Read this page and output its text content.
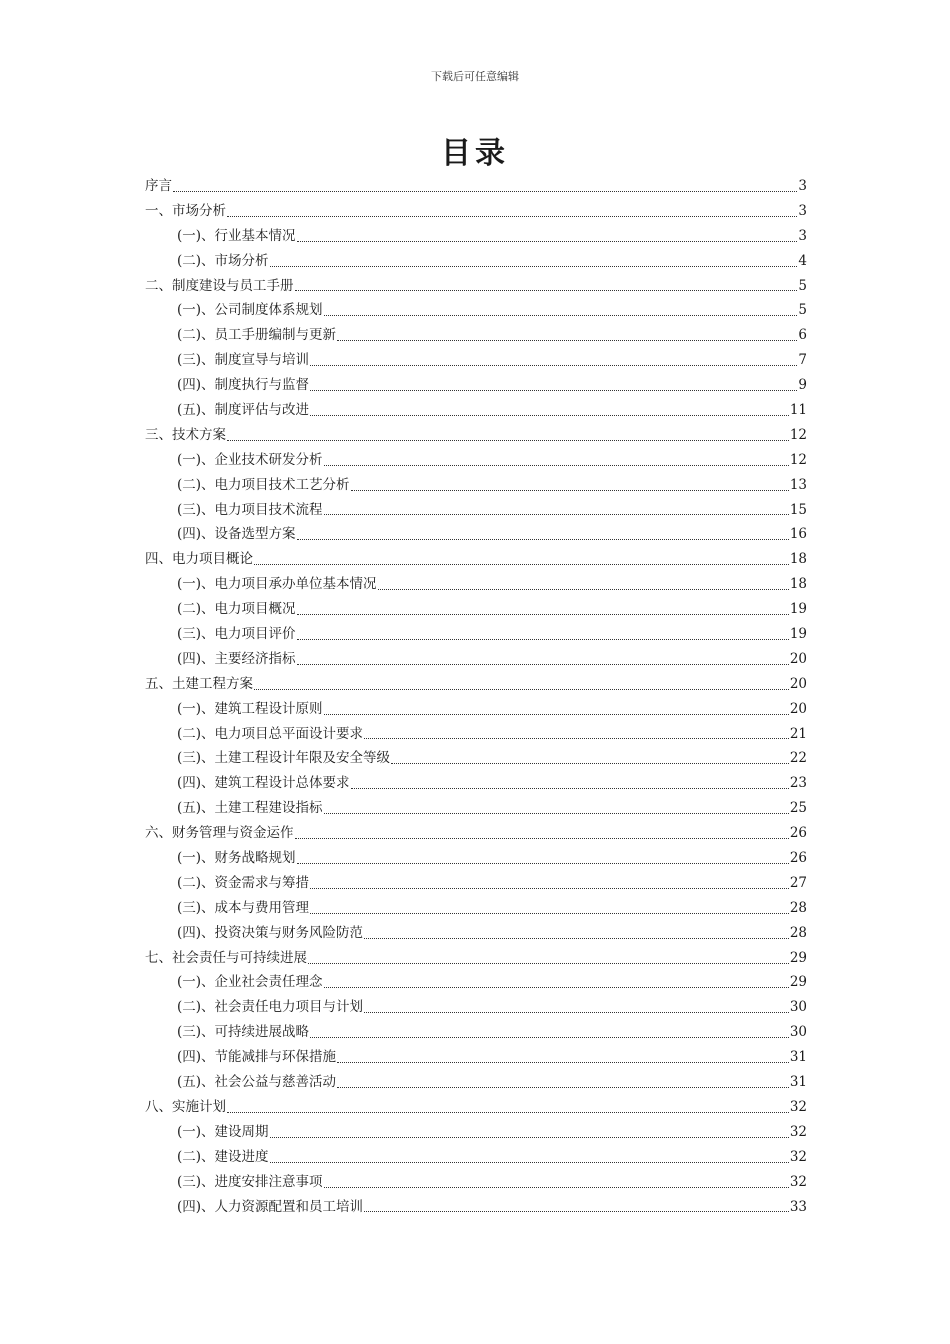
下载后可任意编辑
目录
序言	3
一、市场分析	3
(一)、行业基本情况	3
(二)、市场分析	4
二、制度建设与员工手册	5
(一)、公司制度体系规划	5
(二)、员工手册编制与更新	6
(三)、制度宣导与培训	7
(四)、制度执行与监督	9
(五)、制度评估与改进	11
三、技术方案	12
(一)、企业技术研发分析	12
(二)、电力项目技术工艺分析	13
(三)、电力项目技术流程	15
(四)、设备选型方案	16
四、电力项目概论	18
(一)、电力项目承办单位基本情况	18
(二)、电力项目概况	19
(三)、电力项目评价	19
(四)、主要经济指标	20
五、土建工程方案	20
(一)、建筑工程设计原则	20
(二)、电力项目总平面设计要求	21
(三)、土建工程设计年限及安全等级	22
(四)、建筑工程设计总体要求	23
(五)、土建工程建设指标	25
六、财务管理与资金运作	26
(一)、财务战略规划	26
(二)、资金需求与筹措	27
(三)、成本与费用管理	28
(四)、投资决策与财务风险防范	28
七、社会责任与可持续进展	29
(一)、企业社会责任理念	29
(二)、社会责任电力项目与计划	30
(三)、可持续进展战略	30
(四)、节能减排与环保措施	31
(五)、社会公益与慈善活动	31
八、实施计划	32
(一)、建设周期	32
(二)、建设进度	32
(三)、进度安排注意事项	32
(四)、人力资源配置和员工培训	33
